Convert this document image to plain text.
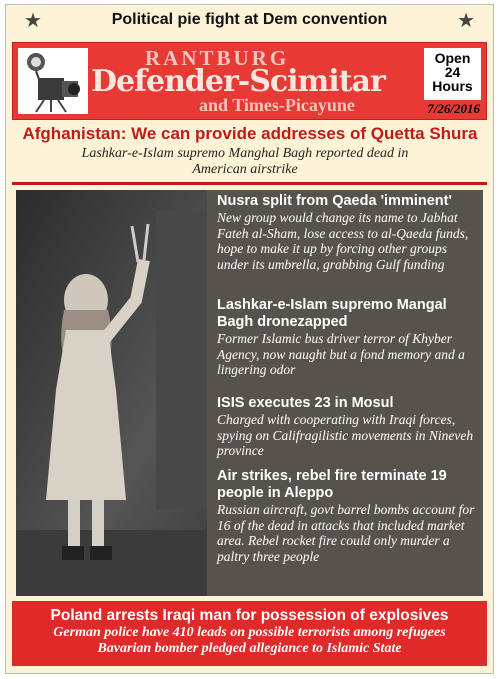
★	★
Political pie fight at Dem convention
RANTBURG
Defender-Scimitar
and Times-Picayune
Open
24
Hours
7/26/2016
Afghanistan: We can provide addresses of Quetta Shura
Lashkar-e-Islam supremo Manghal Bagh reported dead in American airstrike
Nusra split from Qaeda 'imminent'
New group would change its name to Jabhat Fateh al-Sham, lose access to al-Qaeda funds, hope to make it up by forcing other groups under its umbrella, grabbing Gulf funding
Lashkar-e-Islam supremo Mangal Bagh dronezapped
Former Islamic bus driver terror of Khyber Agency, now naught but a fond memory and a lingering odor
ISIS executes 23 in Mosul
Charged with cooperating with Iraqi forces, spying on Califragilistic movements in Nineveh province
Air strikes, rebel fire terminate 19 people in Aleppo
Russian aircraft, govt barrel bombs account for 16 of the dead in attacks that included market area. Rebel rocket fire could only murder a paltry three people
Poland arrests Iraqi man for possession of explosives
German police have 410 leads on possible terrorists among refugees
Bavarian bomber pledged allegiance to Islamic State
